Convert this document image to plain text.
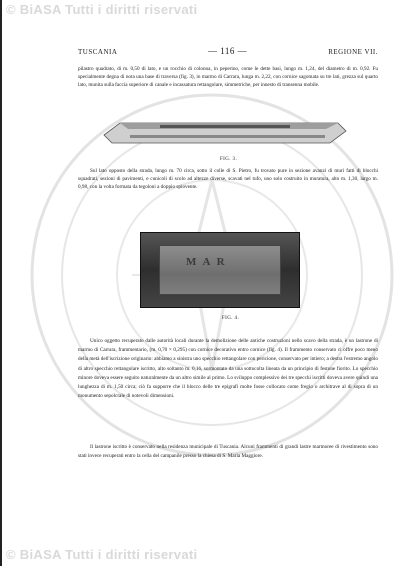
© BiASA Tutti i diritti riservati
TUSCANIA	— 116 —	REGIONE VII.

pilastro quadrato, di m. 0,50 di lato, e un rocchio di colonna, in peperino, come le dette basi, lungo m. 1,24, del diametro di m. 0,92. Fu specialmente degna di nota una base di traversa (fig. 3), in marmo di Carrara, lunga m. 2,22, con cornice sagomata su tre lati, grezza sul quarto lato, munita sulla faccia superiore di canale e incassatura rettangolare, simmetriche, per innesto di transenna mobile.

FIG. 3.

Sul lato opposto della strada, lungo m. 70 circa, sotto il colle di S. Pietro, fu trovato pure in sezione avanzi di muri fatti di blocchi squadrati, sezioni di pavimenti, e cunicoli di scolo ad altezze diverse, scavati nel tufo, uno solo costruito in muratura, alto m. 1,30, largo m. 0,98, con la volta formata da tegoloni a doppio spiovente.

M A R

FIG. 4.

Unico oggetto recuperato dalle autorità locali durante la demolizione delle antiche costruzioni nello scavo della strada, è un lastrone di marmo di Carrara, frammentario, (m. 0,70 × 0,295) con cornice decorativo entro cornice (fig. 4). Il frammento conservato ci offre poco meno della metà dell'iscrizione originario: abbiamo a sinistra uno specchio rettangolare con pericione, conservato per intiero; a destra l'estremo angolo di altro specchio rettangolare iscritto, alto soltanto m. 0,16, sormontato da una sottocolta lineata da un principio di festone fiorito. Lo specchio minore doveva essere seguito naturalmente da un altro simile al primo. Lo sviluppo complessivo dei tre specchi iscritti doveva avere quindi una lunghezza di m. 1,50 circa; ciò fa supporre che il blocco delle tre epigrafi molte fosse collocato come fregio o architrave al di sopra di un monumento sepolcrale di notevoli dimensioni.

Il lastrone iscritto è conservato nella residenza municipale di Tuscania. Alcuni frammenti di grandi lastre marmoree di rivestimento sono stati invece recuperati entro la cella del campanile presso la chiesa di S. Maria Maggiore.

© BiASA Tutti i diritti riservati
